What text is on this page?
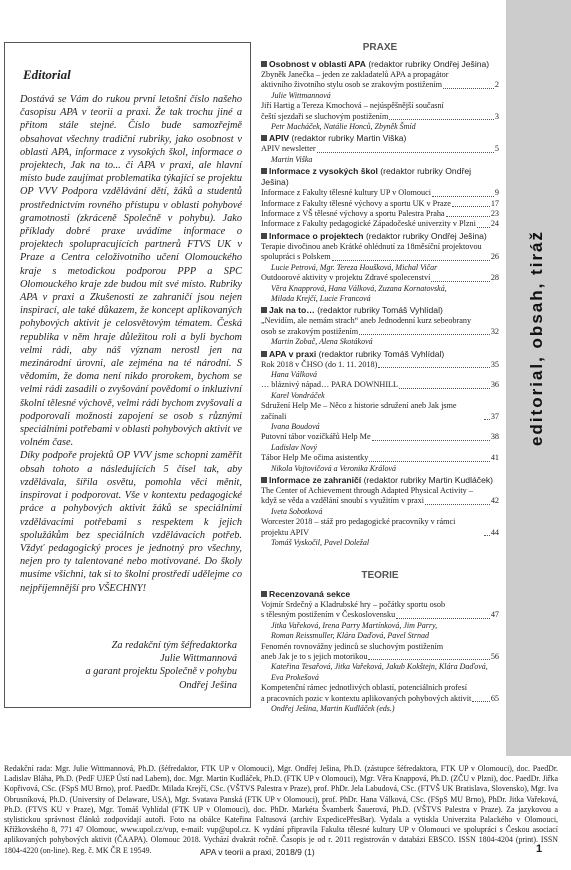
editorial, obsah, tiráž
Editorial

Dostává se Vám do rukou první letošní číslo našeho časopisu APA v teorii a praxi. Že tak trochu jiné a přitom stále stejné. Číslo bude samozřejmě obsahovat všechny tradiční rubriky, jako osobnost v oblasti APA, informace z vysokých škol, informace o projektech, Jak na to... či APA v praxi, ale hlavní místo bude zaujímat problematika týkající se projektu OP VVV Podpora vzdělávání dětí, žáků a studentů prostřednictvím rovného přístupu v oblasti pohybové gramotnosti (zkráceně Společně v pohybu). Jako příklady dobré praxe uvádíme informace o projektech spolupracujících partnerů FTVS UK v Praze a Centra celoživotního učení Olomouckého kraje s metodickou podporou PPP a SPC Olomouckého kraje zde budou mít své místo. Rubriky APA v praxi a Zkušenosti ze zahraničí jsou nejen inspirací, ale také důkazem, že koncept aplikovaných pohybových aktivit je celosvětovým tématem. Česká republika v něm hraje důležitou roli a byli bychom velmi rádi, aby náš význam nerostl jen na mezinárodní úrovni, ale zejména na té národní. S vědomím, že doma není nikdo prorokem, bychom se velmi rádi zasadili o zvyšování povědomí o inkluzivní školní tělesné výchově, velmi rádi bychom zvyšovali a podporovali možnosti zapojení se osob s různými speciálními potřebami v oblasti pohybových aktivit ve volném čase.

Díky podpoře projektů OP VVV jsme schopni zaměřit obsah tohoto a následujících 5 čísel tak, aby vzdělávala, šířila osvětu, pomohla věci měnit, inspirovat i podporovat. Vše v kontextu pedagogické práce a pohybových aktivit žáků se speciálními vzdělávacími potřebami s respektem k jejich spolužákům bez speciálních vzdělávacích potřeb. Vždyť pedagogický proces je jednotný pro všechny, nejen pro ty talentované nebo motivované. Do školy musíme všichni, tak si to školní prostředí udělejme co nejpříjemnější pro VŠECHNY!

Za redakční tým šéfredaktorka
Julie Wittmannová
a garant projektu Společně v pohybu
Ondřej Ješina
PRAXE
Osobnost v oblasti APA (redaktor rubriky Ondřej Ješina)
Zbyněk Janečka – jeden ze zakladatelů APA a propagátor
aktivního životního stylu osob se zrakovým postižením	2
Julie Wittmannová
Jiří Hartig a Tereza Kmochová – nejúspěšnější současní
čeští sjezdaři se sluchovým postižením	3
Petr Macháček, Natálie Honců, Zbyněk Šmíd
APIV (redaktor rubriky Martin Viška)
APIV newsletter	5
Martin Viška
Informace z vysokých škol (redaktor rubriky Ondřej Ješina)
Informace z Fakulty tělesné kultury UP v Olomouci	9
Informace z Fakulty tělesné výchovy a sportu UK v Praze	17
Informace z VŠ tělesné výchovy a sportu Palestra Praha	23
Informace z Fakulty pedagogické Západočeské univerzity v Plzni 24
Informace o projektech (redaktor rubriky Ondřej Ješina)
Terapie divočinou aneb Krátké ohlédnutí za 18měsíční projektovou
spolupráci s Polskem	26
Lucie Petrová, Mgr. Tereza Houšková, Michal Vičar
Outdoorové aktivity v projektu Zdravé spolecenství	28
Věra Knapprová, Hana Válková, Zuzana Kornatovská,
Milada Krejčí, Lucie Francová
Jak na to… (redaktor rubriky Tomáš Vyhlídal)
„Nevidím, ale nemám strach“ aneb Jednodenní kurz sebeobrany
osob se zrakovým postižením	32
Martin Zobač, Alena Skotáková
APA v praxi (redaktor rubriky Tomáš Vyhlídal)
Rok 2018 v ČHSO (do 1. 11. 2018)	35
Hana Válková
… bláznivý nápad… PARA DOWNHILL	36
Karel Vondráček
Sdružení Help Me – Něco z historie sdružení aneb Jak jsme začínali	37
Ivana Boudová
Putovní tábor vozíčkářů Help Me	38
Ladislav Nový
Tábor Help Me očima asistentky	41
Nikola Vojtovičová a Veronika Králová
Informace ze zahraničí (redaktor rubriky Martin Kudláček)
The Center of Achievement through Adapted Physical Activity –
když se věda a vzdělání snoubí s využitím v praxi	42
Iveta Sobotková
Worcester 2018 – stáž pro pedagogické pracovníky v rámci projektu APIV	44
Tomáš Vyskočil, Pavel Doležal
TEORIE
Recenzovaná sekce
Vojmír Srdečný a Kladrubské hry – počátky sportu osob
s tělesným postižením v Československu	47
Jitka Vařeková, Irena Parry Martínková, Jim Parry,
Roman Reissmuller, Klára Daďová, Pavel Strnad
Fenomén rovnovážny jedinců se sluchovým postižením
aneb Jak je to s jejich motorikou	56
Kateřina Tesařová, Jitka Vařeková, Jakub Kokštejn, Klára Daďová,
Eva Prokešová
Kompetenční rámec jednotlivých oblastí, potenciálních profesí
a pracovních pozic v kontextu aplikovaných pohybových aktivit 65
Ondřej Ješina, Martin Kudláček (eds.)
Redakční rada: Mgr. Julie Wittmannová, Ph.D. (šéfredaktor, FTK UP v Olomouci), Mgr. Ondřej Ješina, Ph.D. (zástupce šéfredaktora, FTK UP v Olomouci), doc. PaedDr. Ladislav Bláha, Ph.D. (PedF UJEP Ústí nad Labem), doc. Mgr. Martin Kudláček, Ph.D. (FTK UP v Olomouci), Mgr. Věra Knappová, Ph.D. (ZČU v Plzni), doc. PaedDr. Jiřka Kopřivová, CSc. (FSpS MU Brno), prof. PaedDr. Milada Krejčí, CSc. (VŠTVS Palestra v Praze), prof. PhDr. Jela Labudová, CSc. (FTVŠ UK Bratislava, Slovensko), Mgr. Iva Obrusníková, Ph.D. (University of Delaware, USA), Mgr. Svatava Panská (FTK UP v Olomouci), prof. PhDr. Hana Válková, CSc. (FSpS MU Brno), PhDr. Jitka Vařeková, Ph.D. (FTVS KU v Praze), Mgr. Tomáš Vyhlídal (FTK UP v Olomouci), doc. PhDr. Markéta Švamberk Šauerová, Ph.D. (VŠTVS Palestra v Praze). Za jazykovou a stylistickou správnost článků zodpovídají autoři. Foto na obálce Kateřina Faltusová (archiv ExpedicePřesBar). Vydala a vytiskla Univerzita Palackého v Olomouci, Křížkovského 8, 771 47 Olomouc, www.upol.cz/vup, e-mail: vup@upol.cz. K vydání připravila Fakulta tělesné kultury UP v Olomouci ve spolupráci s Českou asociací aplikovaných pohybových aktivit (ČAAPA). Olomouc 2018. Vychází dvakrát ročně. Časopis je od r. 2011 registrován v databázi EBSCO. ISSN 1804-4204 (print). ISSN 1804-4220 (on-line). Reg. č. MK ČR E 19549.	APA v teorii a praxi, 2018/9 (1)	1
